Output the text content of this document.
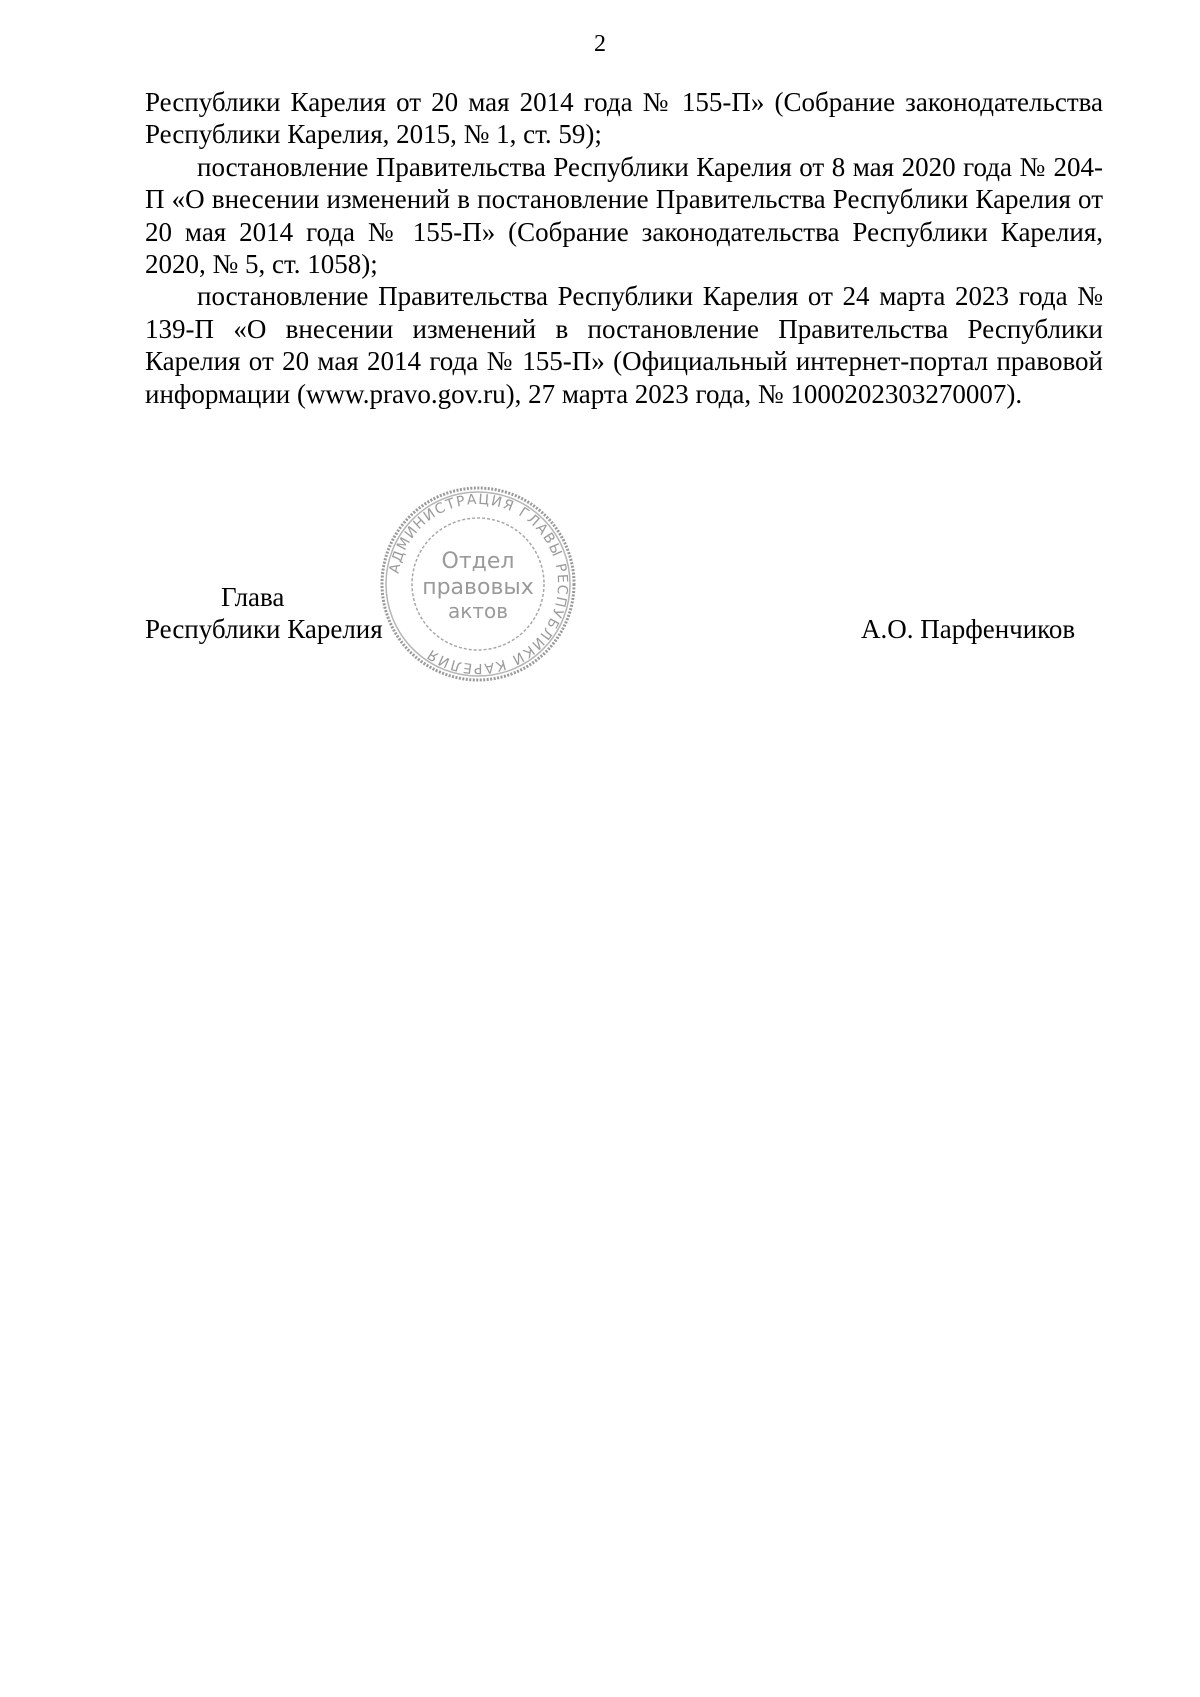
2

Республики Карелия от 20 мая 2014 года № 155-П» (Собрание законодательства Республики Карелия, 2015, № 1, ст. 59);

постановление Правительства Республики Карелия от 8 мая 2020 года № 204-П «О внесении изменений в постановление Правительства Республики Карелия от 20 мая 2014 года № 155-П» (Собрание законодательства Республики Карелия, 2020, № 5, ст. 1058);

постановление Правительства Республики Карелия от 24 марта 2023 года № 139-П «О внесении изменений в постановление Правительства Республики Карелия от 20 мая 2014 года № 155-П» (Официальный интернет-портал правовой информации (www.pravo.gov.ru), 27 марта 2023 года, № 1000202303270007).

Глава
Республики Карелия	А.О. Парфенчиков
АДМИНИСТРАЦИЯ ГЛАВЫ РЕСПУБЛИКИ КАРЕЛИЯ
Отдел
правовых
актов
